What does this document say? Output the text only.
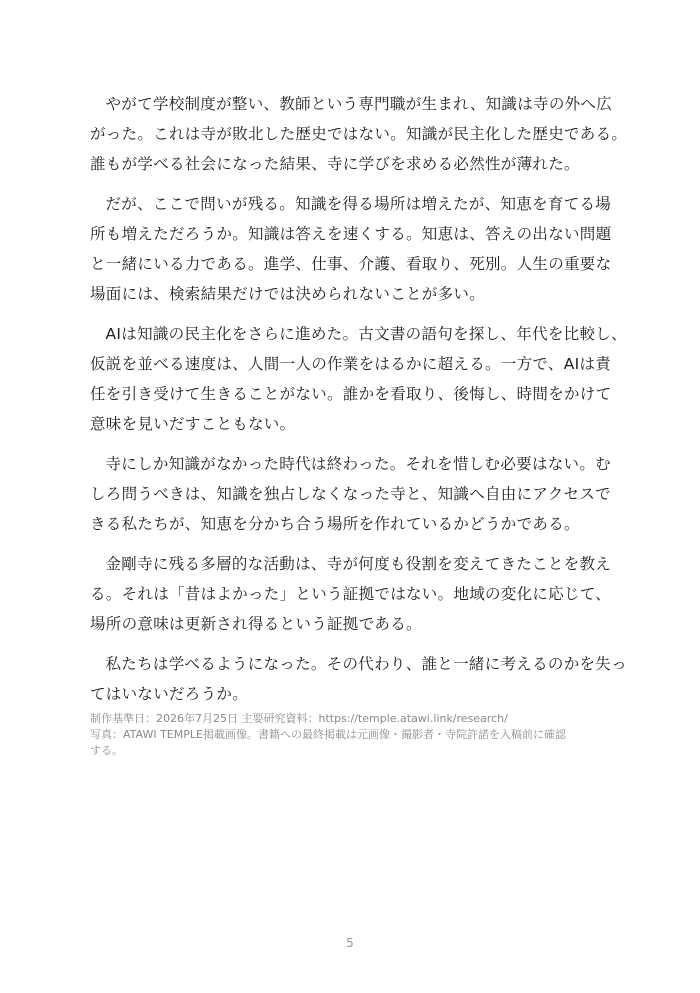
やがて学校制度が整い、教師という専門職が生まれ、知識は寺の外へ広
がった。これは寺が敗北した歴史ではない。知識が民主化した歴史である。
誰もが学べる社会になった結果、寺に学びを求める必然性が薄れた。

だが、ここで問いが残る。知識を得る場所は増えたが、知恵を育てる場
所も増えただろうか。知識は答えを速くする。知恵は、答えの出ない問題
と一緒にいる力である。進学、仕事、介護、看取り、死別。人生の重要な
場面には、検索結果だけでは決められないことが多い。

AIは知識の民主化をさらに進めた。古文書の語句を探し、年代を比較し、
仮説を並べる速度は、人間一人の作業をはるかに超える。一方で、AIは責
任を引き受けて生きることがない。誰かを看取り、後悔し、時間をかけて
意味を見いだすこともない。

寺にしか知識がなかった時代は終わった。それを惜しむ必要はない。む
しろ問うべきは、知識を独占しなくなった寺と、知識へ自由にアクセスで
きる私たちが、知恵を分かち合う場所を作れているかどうかである。

金剛寺に残る多層的な活動は、寺が何度も役割を変えてきたことを教え
る。それは「昔はよかった」という証拠ではない。地域の変化に応じて、
場所の意味は更新され得るという証拠である。

私たちは学べるようになった。その代わり、誰と一緒に考えるのかを失っ
てはいないだろうか。

制作基準日：2026年7月25日 主要研究資料：https://temple.atawi.link/research/
写真：ATAWI TEMPLE掲載画像。書籍への最終掲載は元画像・撮影者・寺院許諾を入稿前に確認
する。
5
